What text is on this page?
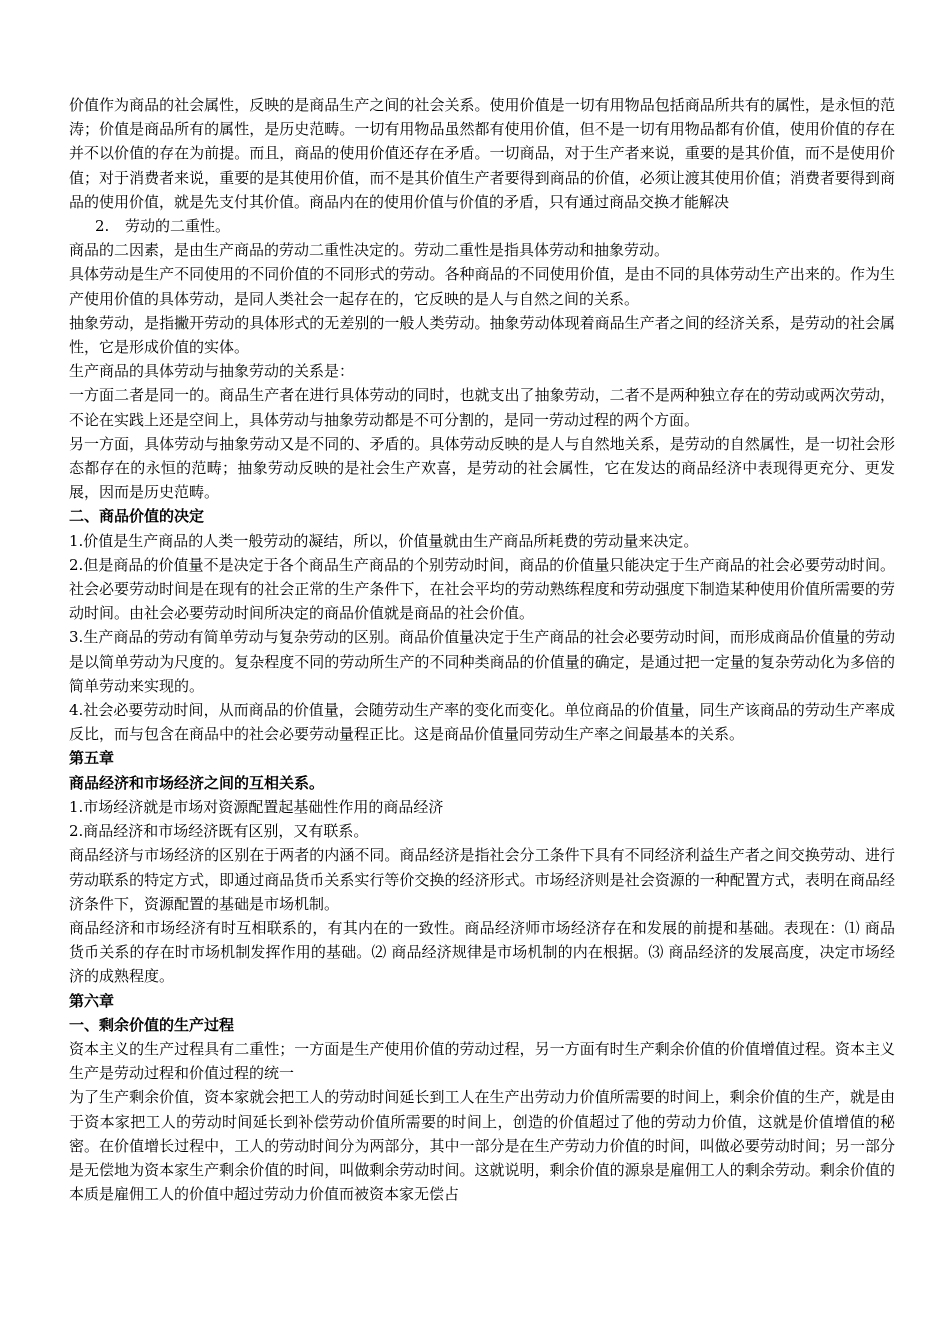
价值作为商品的社会属性，反映的是商品生产之间的社会关系。使用价值是一切有用物品包括商品所共有的属性，是永恒的范涛；价值是商品所有的属性，是历史范畴。一切有用物品虽然都有使用价值，但不是一切有用物品都有价值，使用价值的存在并不以价值的存在为前提。而且，商品的使用价值还存在矛盾。一切商品，对于生产者来说，重要的是其价值，而不是使用价值；对于消费者来说，重要的是其使用价值，而不是其价值生产者要得到商品的价值，必须让渡其使用价值；消费者要得到商品的使用价值，就是先支付其价值。商品内在的使用价值与价值的矛盾，只有通过商品交换才能解决

2. 劳动的二重性。

商品的二因素，是由生产商品的劳动二重性决定的。劳动二重性是指具体劳动和抽象劳动。

具体劳动是生产不同使用的不同价值的不同形式的劳动。各种商品的不同使用价值，是由不同的具体劳动生产出来的。作为生产使用价值的具体劳动，是同人类社会一起存在的，它反映的是人与自然之间的关系。

抽象劳动，是指撇开劳动的具体形式的无差别的一般人类劳动。抽象劳动体现着商品生产者之间的经济关系，是劳动的社会属性，它是形成价值的实体。

生产商品的具体劳动与抽象劳动的关系是：

一方面二者是同一的。商品生产者在进行具体劳动的同时，也就支出了抽象劳动，二者不是两种独立存在的劳动或两次劳动，不论在实践上还是空间上，具体劳动与抽象劳动都是不可分割的，是同一劳动过程的两个方面。

另一方面，具体劳动与抽象劳动又是不同的、矛盾的。具体劳动反映的是人与自然地关系，是劳动的自然属性，是一切社会形态都存在的永恒的范畴；抽象劳动反映的是社会生产欢喜，是劳动的社会属性，它在发达的商品经济中表现得更充分、更发展，因而是历史范畴。

二、商品价值的决定

1.价值是生产商品的人类一般劳动的凝结，所以，价值量就由生产商品所耗费的劳动量来决定。

2.但是商品的价值量不是决定于各个商品生产商品的个别劳动时间，商品的价值量只能决定于生产商品的社会必要劳动时间。社会必要劳动时间是在现有的社会正常的生产条件下，在社会平均的劳动熟练程度和劳动强度下制造某种使用价值所需要的劳动时间。由社会必要劳动时间所决定的商品价值就是商品的社会价值。

3.生产商品的劳动有简单劳动与复杂劳动的区别。商品价值量决定于生产商品的社会必要劳动时间，而形成商品价值量的劳动是以简单劳动为尺度的。复杂程度不同的劳动所生产的不同种类商品的价值量的确定，是通过把一定量的复杂劳动化为多倍的简单劳动来实现的。

4.社会必要劳动时间，从而商品的价值量，会随劳动生产率的变化而变化。单位商品的价值量，同生产该商品的劳动生产率成反比，而与包含在商品中的社会必要劳动量程正比。这是商品价值量同劳动生产率之间最基本的关系。

第五章

商品经济和市场经济之间的互相关系。

1.市场经济就是市场对资源配置起基础性作用的商品经济

2.商品经济和市场经济既有区别，又有联系。

商品经济与市场经济的区别在于两者的内涵不同。商品经济是指社会分工条件下具有不同经济利益生产者之间交换劳动、进行劳动联系的特定方式，即通过商品货币关系实行等价交换的经济形式。市场经济则是社会资源的一种配置方式，表明在商品经济条件下，资源配置的基础是市场机制。

商品经济和市场经济有时互相联系的，有其内在的一致性。商品经济师市场经济存在和发展的前提和基础。表现在：⑴ 商品货币关系的存在时市场机制发挥作用的基础。⑵ 商品经济规律是市场机制的内在根据。⑶ 商品经济的发展高度，决定市场经济的成熟程度。

第六章

一、剩余价值的生产过程

资本主义的生产过程具有二重性；一方面是生产使用价值的劳动过程，另一方面有时生产剩余价值的价值增值过程。资本主义生产是劳动过程和价值过程的统一

为了生产剩余价值，资本家就会把工人的劳动时间延长到工人在生产出劳动力价值所需要的时间上，剩余价值的生产，就是由于资本家把工人的劳动时间延长到补偿劳动价值所需要的时间上，创造的价值超过了他的劳动力价值，这就是价值增值的秘密。在价值增长过程中，工人的劳动时间分为两部分，其中一部分是在生产劳动力价值的时间，叫做必要劳动时间；另一部分是无偿地为资本家生产剩余价值的时间，叫做剩余劳动时间。这就说明，剩余价值的源泉是雇佣工人的剩余劳动。剩余价值的本质是雇佣工人的价值中超过劳动力价值而被资本家无偿占
